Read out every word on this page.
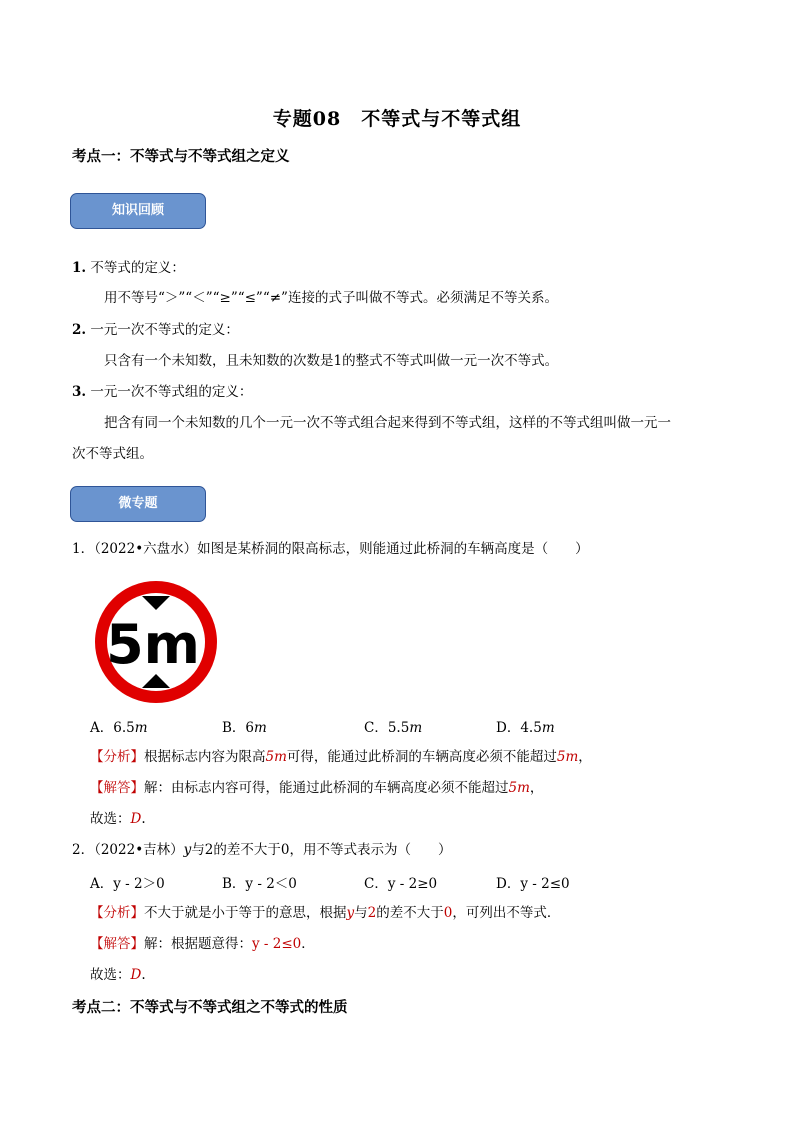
专题08　不等式与不等式组
考点一：不等式与不等式组之定义
知识回顾
1. 不等式的定义：
用不等号“＞”“＜”“≥”“≤”“≠”连接的式子叫做不等式。必须满足不等关系。
2. 一元一次不等式的定义：
只含有一个未知数，且未知数的次数是1的整式不等式叫做一元一次不等式。
3. 一元一次不等式组的定义：
把含有同一个未知数的几个一元一次不等式组合起来得到不等式组，这样的不等式组叫做一元一
次不等式组。
微专题
1．（2022•六盘水）如图是某桥洞的限高标志，则能通过此桥洞的车辆高度是（　　）
5m
A．6.5m	B．6m	C．5.5m	D．4.5m
【分析】根据标志内容为限高5m可得，能通过此桥洞的车辆高度必须不能超过5m，
【解答】解：由标志内容可得，能通过此桥洞的车辆高度必须不能超过5m，
故选：D.
2．（2022•吉林）y与2的差不大于0，用不等式表示为（　　）
A．y - 2＞0	B．y - 2＜0	C．y - 2≥0	D．y - 2≤0
【分析】不大于就是小于等于的意思，根据y与2的差不大于0，可列出不等式．
【解答】解：根据题意得：y - 2≤0．
故选：D.
考点二：不等式与不等式组之不等式的性质
